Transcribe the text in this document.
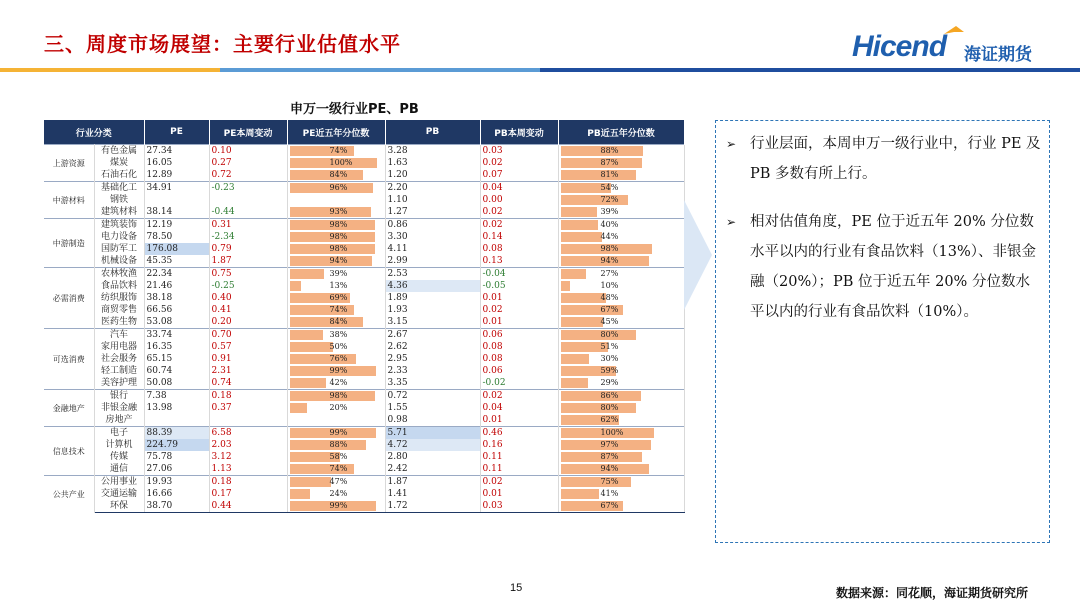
三、周度市场展望：主要行业估值水平	Hicend 海证期货
申万一级行业PE、PB
行业分类		PE	PE本周变动	PE近五年分位数	PB	PB本周变动	PB近五年分位数
上游资源	有色金属	27.34	0.10	74%	3.28	0.03	88%
	煤炭	16.05	0.27	100%	1.63	0.02	87%
	石油石化	12.89	0.72	84%	1.20	0.07	81%
中游材料	基础化工	34.91	-0.23	96%	2.20	0.04	54%
	钢铁				1.10	0.00	72%
	建筑材料	38.14	-0.44	93%	1.27	0.02	39%
中游制造	建筑装饰	12.19	0.31	98%	0.86	0.02	40%
	电力设备	78.50	-2.34	98%	3.30	0.14	44%
	国防军工	176.08	0.79	98%	4.11	0.08	98%
	机械设备	45.35	1.87	94%	2.99	0.13	94%
必需消费	农林牧渔	22.34	0.75	39%	2.53	-0.04	27%
	食品饮料	21.46	-0.25	13%	4.36	-0.05	10%
	纺织服饰	38.18	0.40	69%	1.89	0.01	48%
	商贸零售	66.56	0.41	74%	1.93	0.02	67%
	医药生物	53.08	0.20	84%	3.15	0.01	45%
可选消费	汽车	33.74	0.70	38%	2.67	0.06	80%
	家用电器	16.35	0.57	50%	2.62	0.08	51%
	社会服务	65.15	0.91	76%	2.95	0.08	30%
	轻工制造	60.74	2.31	99%	2.33	0.06	59%
	美容护理	50.08	0.74	42%	3.35	-0.02	29%
金融地产	银行	7.38	0.18	98%	0.72	0.02	86%
	非银金融	13.98	0.37	20%	1.55	0.04	80%
	房地产				0.98	0.01	62%
信息技术	电子	88.39	6.58	99%	5.71	0.46	100%
	计算机	224.79	2.03	88%	4.72	0.16	97%
	传媒	75.78	3.12	58%	2.80	0.11	87%
	通信	27.06	1.13	74%	2.42	0.11	94%
公共产业	公用事业	19.93	0.18	47%	1.87	0.02	75%
	交通运输	16.66	0.17	24%	1.41	0.01	41%
	环保	38.70	0.44	99%	1.72	0.03	67%
➢ 行业层面，本周申万一级行业中，行业 PE 及 PB 多数有所上行。
➢ 相对估值角度，PE 位于近五年 20% 分位数水平以内的行业有食品饮料（13%）、非银金融（20%）；PB 位于近五年 20% 分位数水平以内的行业有食品饮料（10%）。
15	数据来源：同花顺，海证期货研究所
